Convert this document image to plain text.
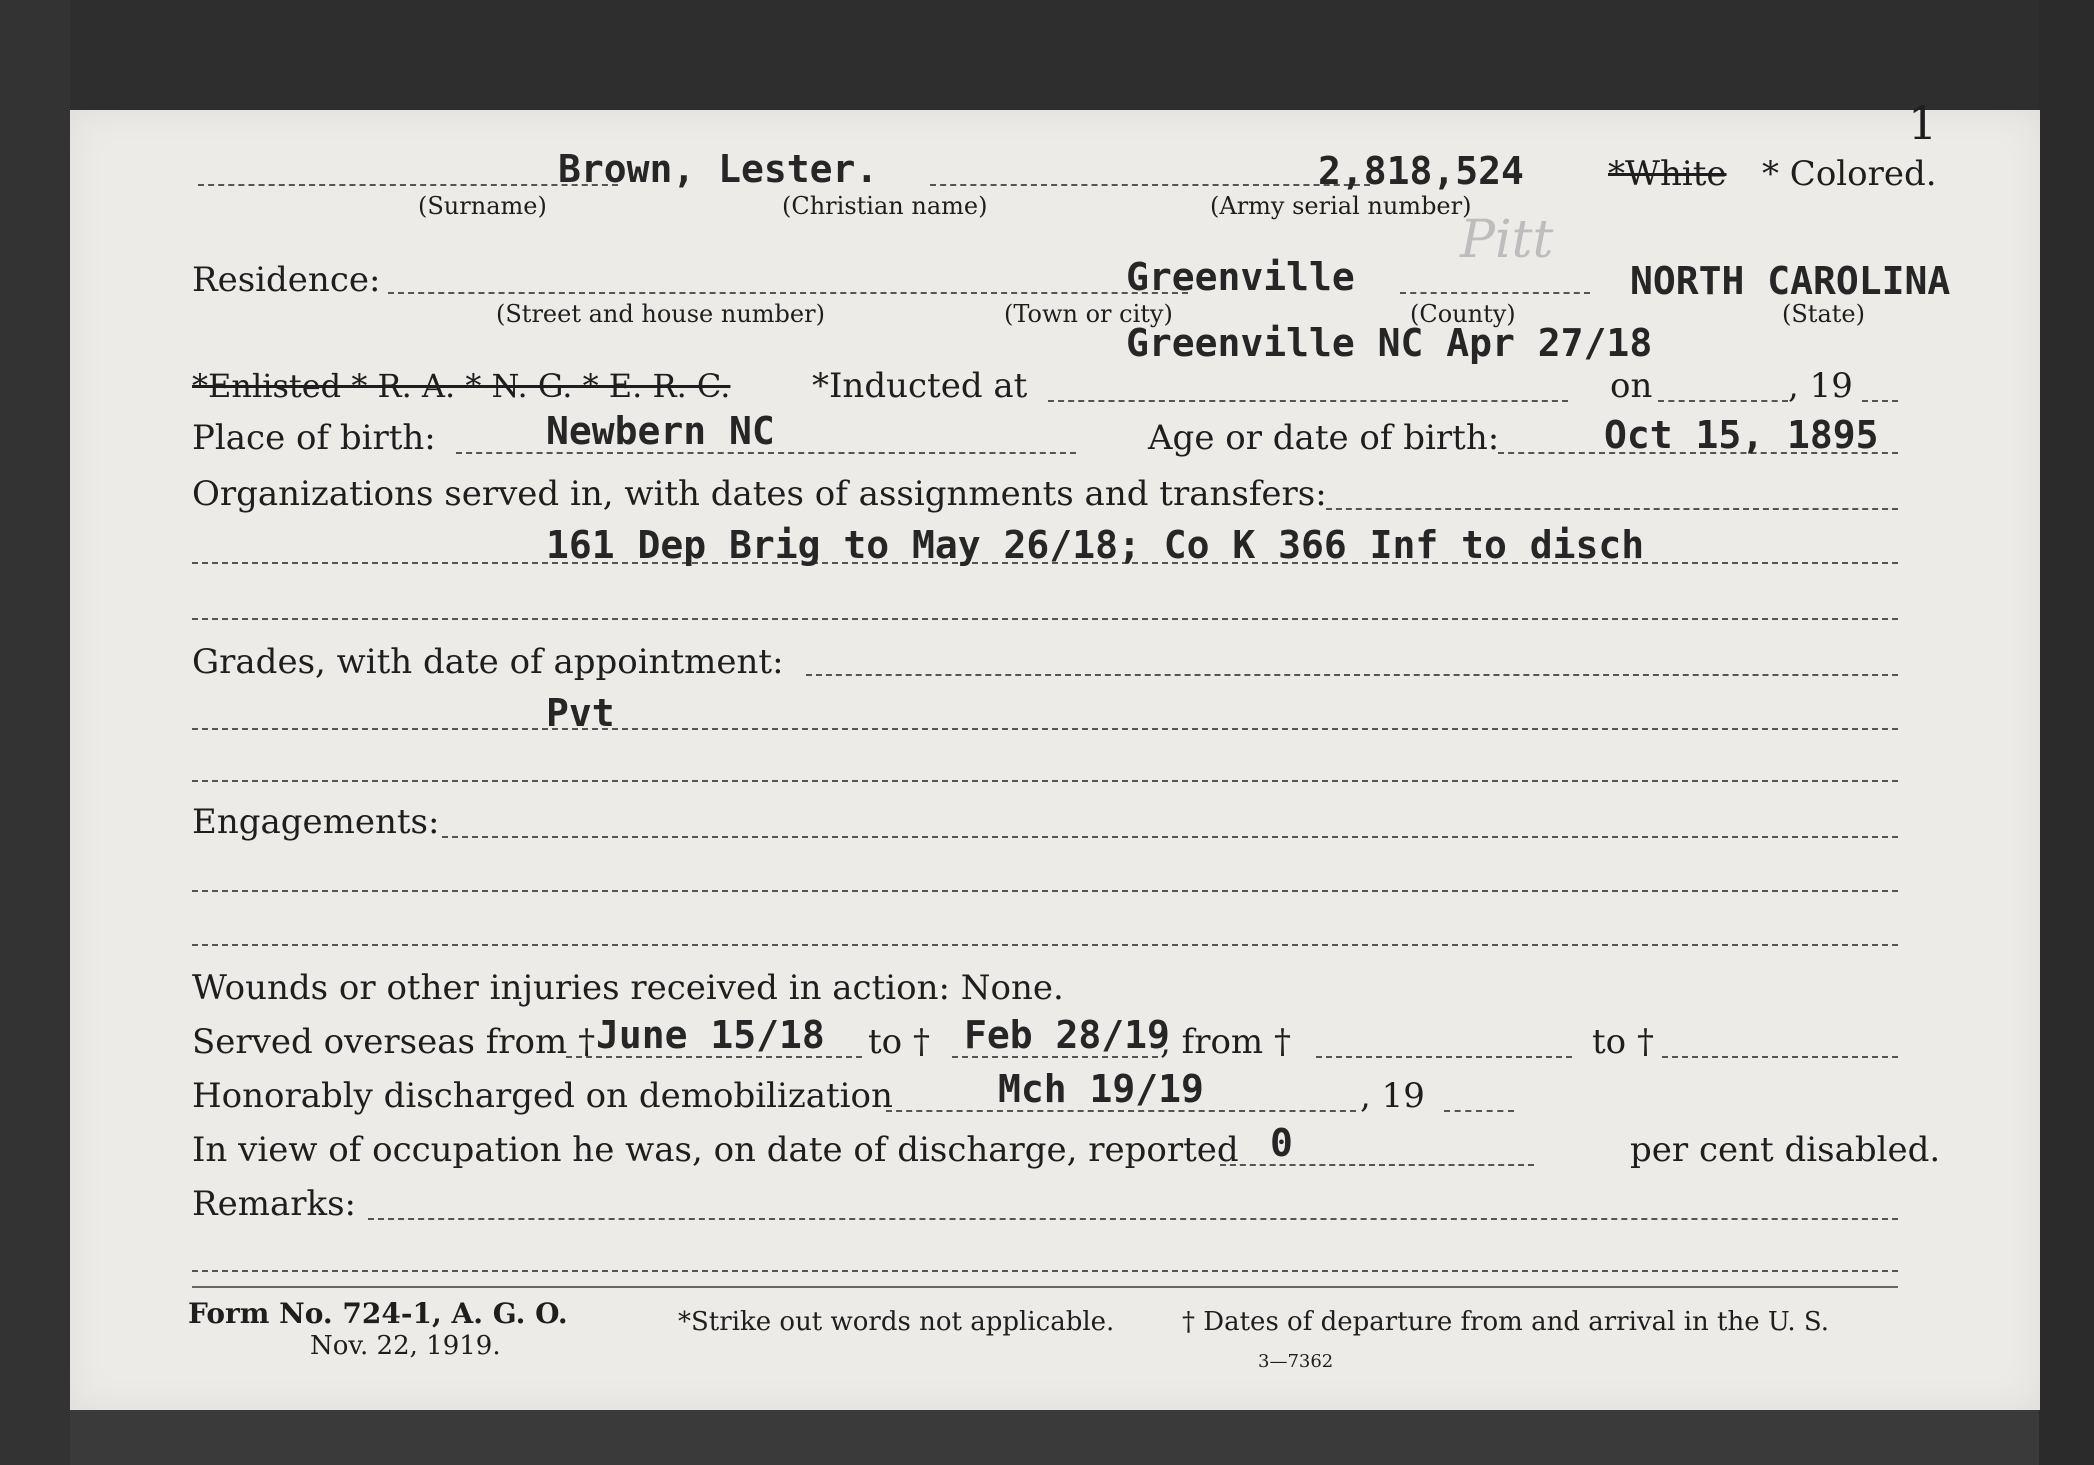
1
Brown, Lester.	2,818,524 *White * Colored.
(Surname)	(Christian name)	(Army serial number)
Residence:	Greenville
Pitt
NORTH CAROLINA
(Street and house number)	(Town or city)	(County)	(State)
Greenville NC Apr 27/18
*Enlisted * R. A. * N. G. * E. R. C. *Inducted at	on	, 19
Place of birth:	Newbern NC	Age or date of birth:	Oct 15, 1895
Organizations served in, with dates of assignments and transfers:
161 Dep Brig to May 26/18; Co K 366 Inf to disch
Grades, with date of appointment:
Pvt
Engagements:
Wounds or other injuries received in action: None.
Served overseas from † June 15/18 to † Feb 28/19
, from †	to †
Honorably discharged on demobilization	Mch 19/19	, 19
In view of occupation he was, on date of discharge, reported 0	per cent disabled.
Remarks:
Form No. 724-1, A. G. O.
Nov. 22, 1919.
*Strike out words not applicable.	† Dates of departure from and arrival in the U. S.
3—7362
